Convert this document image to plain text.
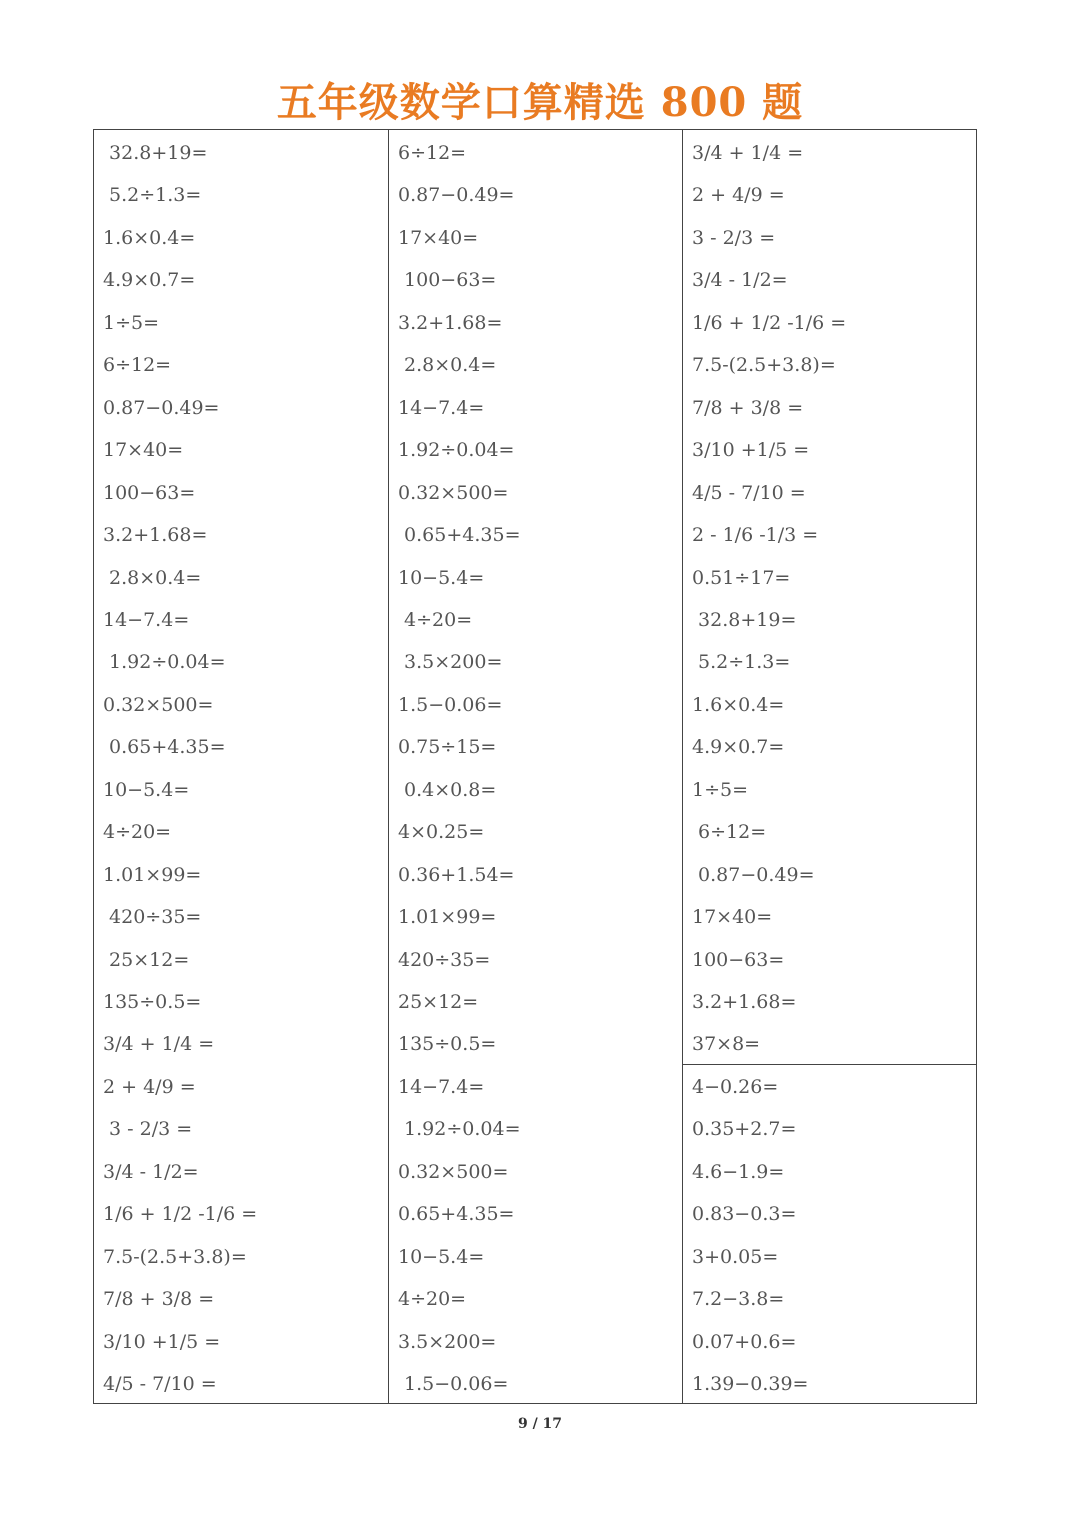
五年级数学口算精选 800 题
32.8+19=
5.2÷1.3=
1.6×0.4=
4.9×0.7=
1÷5=
6÷12=
0.87−0.49=
17×40=
100−63=
3.2+1.68=
2.8×0.4=
14−7.4=
1.92÷0.04=
0.32×500=
0.65+4.35=
10−5.4=
4÷20=
1.01×99=
420÷35=
25×12=
135÷0.5=
3/4 + 1/4 =
2 + 4/9 =
3 - 2/3 =
3/4 - 1/2=
1/6 + 1/2 -1/6 =
7.5-(2.5+3.8)=
7/8 + 3/8 =
3/10 +1/5 =
4/5 - 7/10 =
6÷12=
0.87−0.49=
17×40=
100−63=
3.2+1.68=
2.8×0.4=
14−7.4=
1.92÷0.04=
0.32×500=
0.65+4.35=
10−5.4=
4÷20=
3.5×200=
1.5−0.06=
0.75÷15=
0.4×0.8=
4×0.25=
0.36+1.54=
1.01×99=
420÷35=
25×12=
135÷0.5=
14−7.4=
1.92÷0.04=
0.32×500=
0.65+4.35=
10−5.4=
4÷20=
3.5×200=
1.5−0.06=
3/4 + 1/4 =
2 + 4/9 =
3 - 2/3 =
3/4 - 1/2=
1/6 + 1/2 -1/6 =
7.5-(2.5+3.8)=
7/8 + 3/8 =
3/10 +1/5 =
4/5 - 7/10 =
2 - 1/6 -1/3 =
0.51÷17=
32.8+19=
5.2÷1.3=
1.6×0.4=
4.9×0.7=
1÷5=
6÷12=
0.87−0.49=
17×40=
100−63=
3.2+1.68=
37×8=
4−0.26=
0.35+2.7=
4.6−1.9=
0.83−0.3=
3+0.05=
7.2−3.8=
0.07+0.6=
1.39−0.39=
9 / 17
